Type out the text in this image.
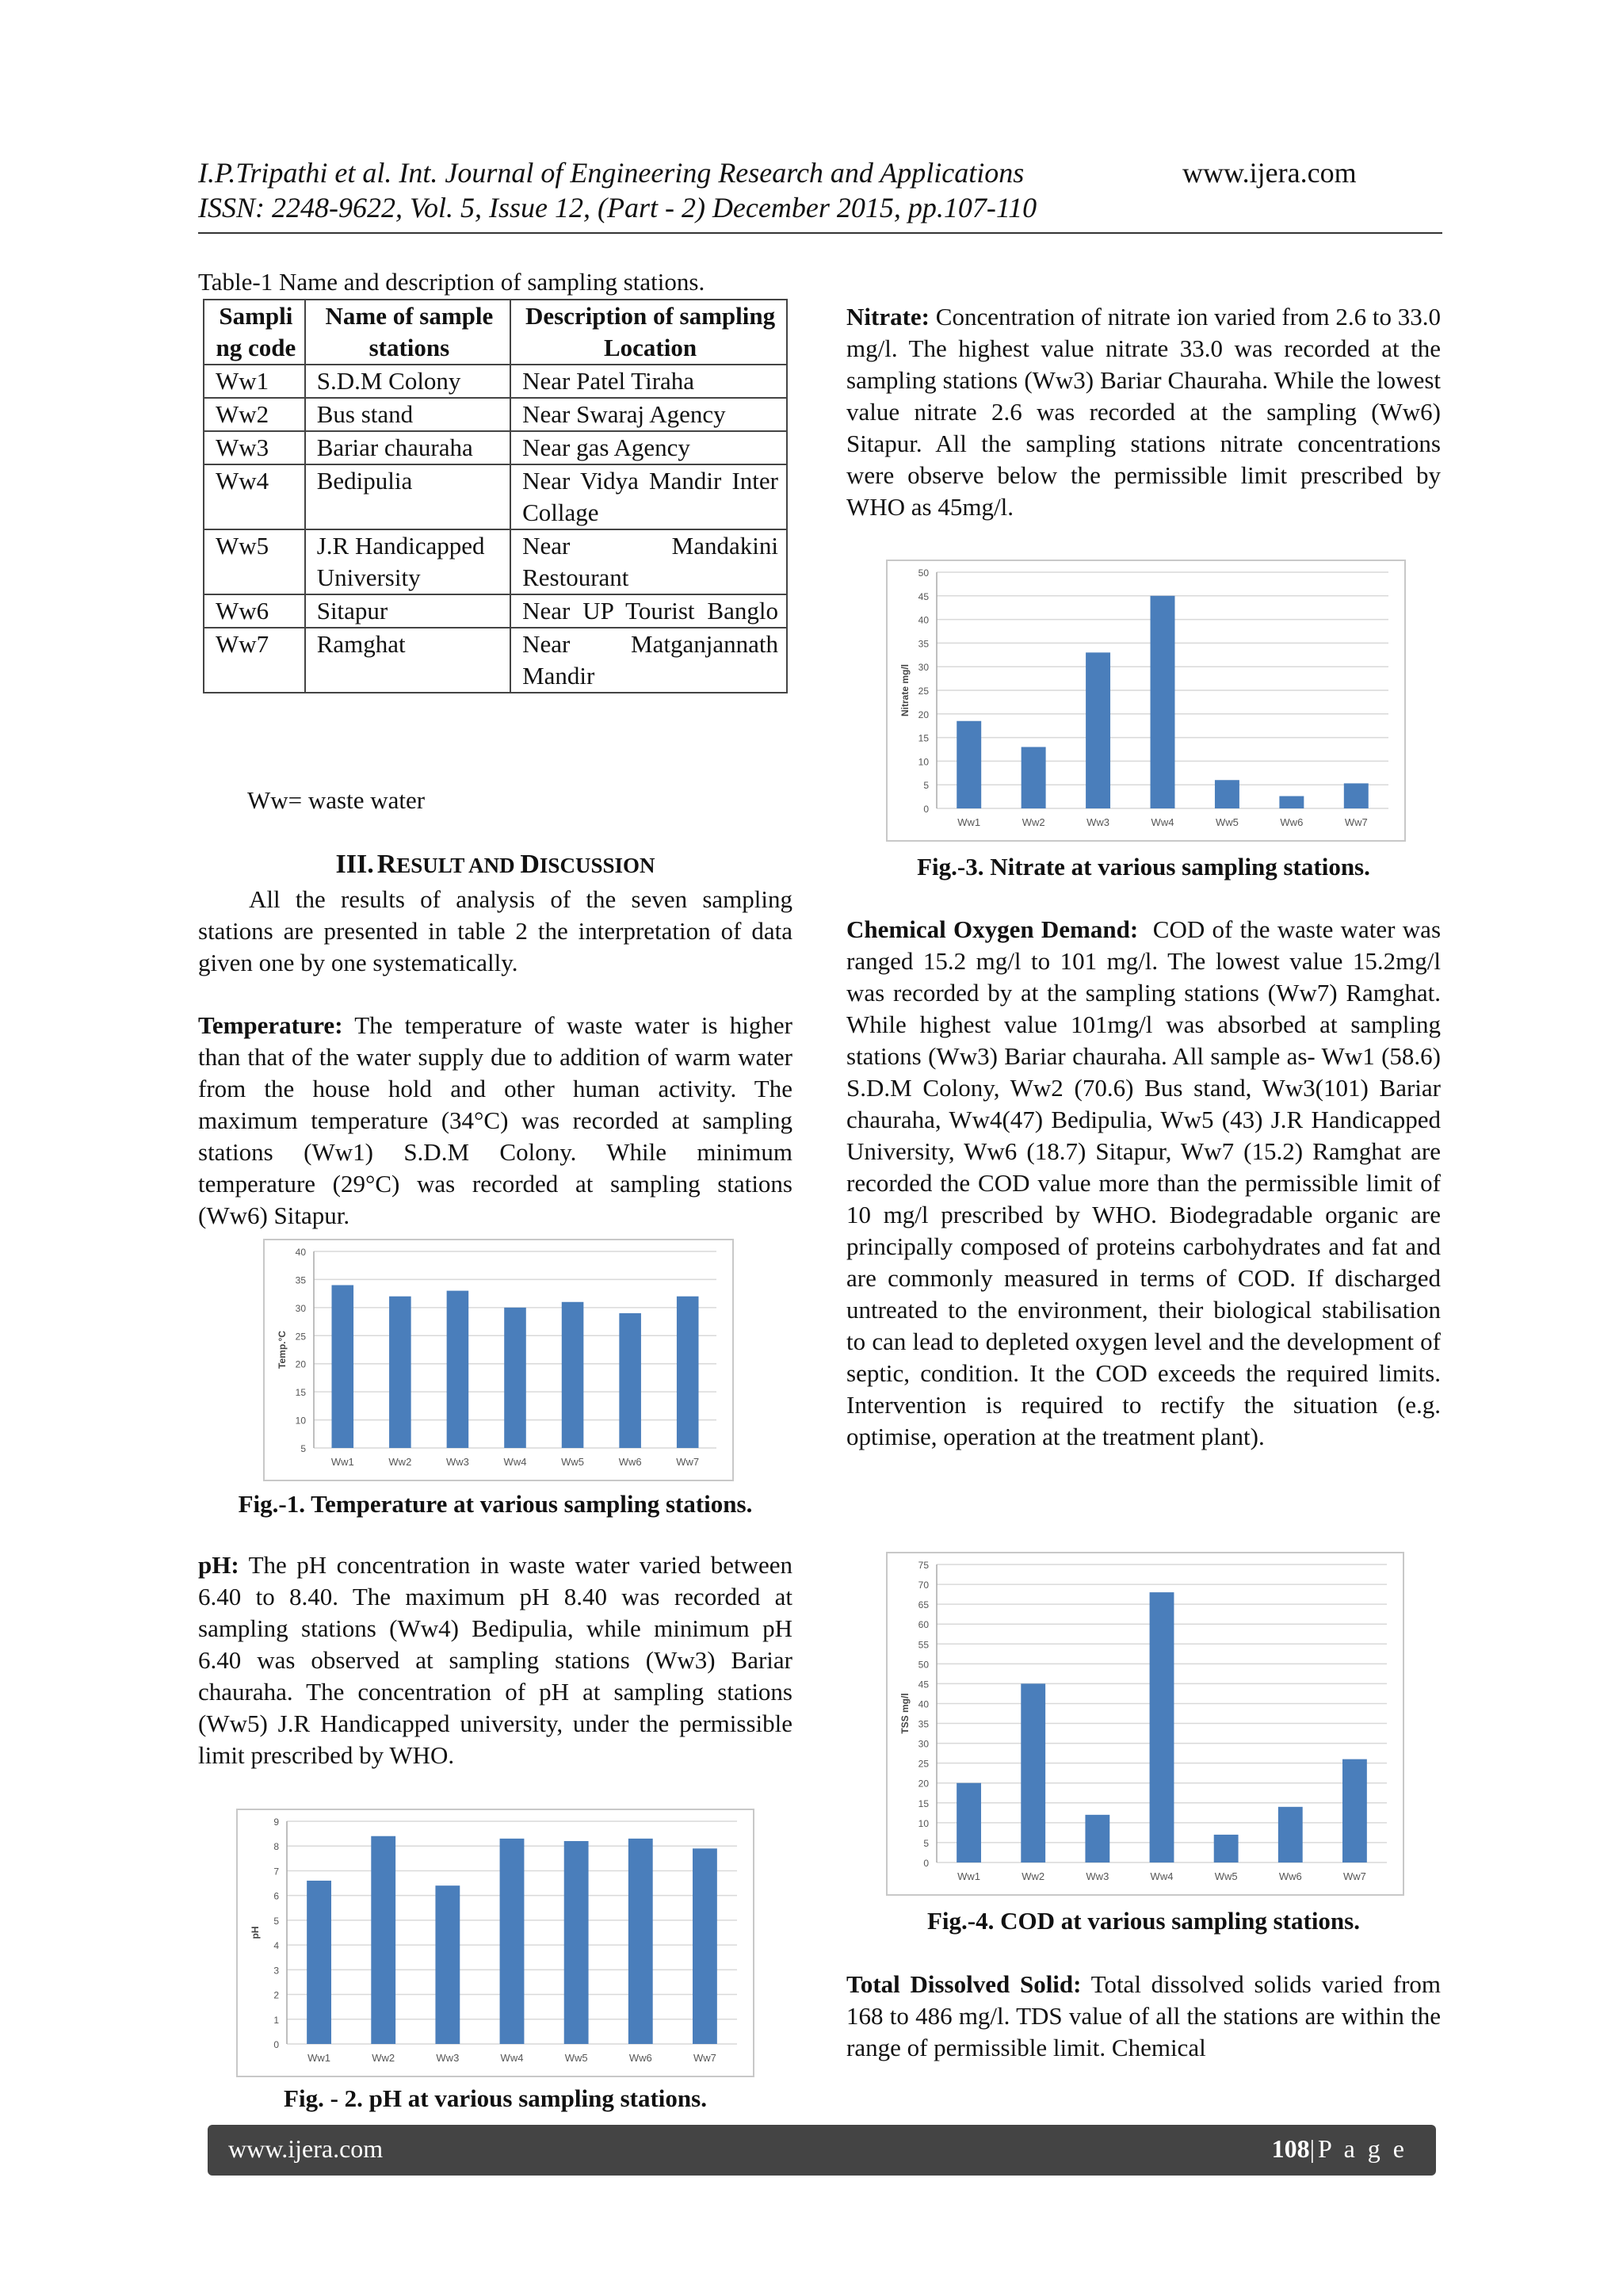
I.P.Tripathi et al. Int. Journal of Engineering Research and Applications	www.ijera.com
ISSN: 2248-9622, Vol. 5, Issue 12, (Part - 2) December 2015, pp.107-110
Table-1 Name and description of sampling stations.
Sampling code	Name of sample stations	Description of sampling Location
Ww1	S.D.M Colony	Near Patel Tiraha
Ww2	Bus stand	Near Swaraj Agency
Ww3	Bariar chauraha	Near gas Agency
Ww4	Bedipulia	Near Vidya Mandir Inter Collage
Ww5	J.R Handicapped University	Near Mandakini Restourant
Ww6	Sitapur	Near UP Tourist Banglo
Ww7	Ramghat	Near Matganjannath Mandir
Ww= waste water
III. RESULT AND DISCUSSION

All the results of analysis of the seven sampling stations are presented in table 2 the interpretation of data given one by one systematically.

Temperature: The temperature of waste water is higher than that of the water supply due to addition of warm water from the house hold and other human activity. The maximum temperature (34°C) was recorded at sampling stations (Ww1) S.D.M Colony. While minimum temperature (29°C) was recorded at sampling stations (Ww6) Sitapur.

5
10
15
20
25
30
35
40
Temp.°C
Ww1	Ww2	Ww3	Ww4	Ww5	Ww6	Ww7
Fig.-1. Temperature at various sampling stations.

pH: The pH concentration in waste water varied between 6.40 to 8.40. The maximum pH 8.40 was recorded at sampling stations (Ww4) Bedipulia, while minimum pH 6.40 was observed at sampling stations (Ww3) Bariar chauraha. The concentration of pH at sampling stations (Ww5) J.R Handicapped university, under the permissible limit prescribed by WHO.

0
1
2
3
4
5
6
7
8
9
pH
Ww1	Ww2	Ww3	Ww4	Ww5	Ww6	Ww7
Fig. - 2. pH at various sampling stations.

Nitrate: Concentration of nitrate ion varied from 2.6 to 33.0 mg/l. The highest value nitrate 33.0 was recorded at the sampling stations (Ww3) Bariar Chauraha. While the lowest value nitrate 2.6 was recorded at the sampling (Ww6) Sitapur. All the sampling stations nitrate concentrations were observe below the permissible limit prescribed by WHO as 45mg/l.

0
5
10
15
20
25
30
35
40
45
50
Nitrate mg/l
Ww1	Ww2	Ww3	Ww4	Ww5	Ww6	Ww7
Fig.-3. Nitrate at various sampling stations.

Chemical Oxygen Demand: COD of the waste water was ranged 15.2 mg/l to 101 mg/l. The lowest value 15.2mg/l was recorded by at the sampling stations (Ww7) Ramghat. While highest value 101mg/l was absorbed at sampling stations (Ww3) Bariar chauraha. All sample as- Ww1 (58.6) S.D.M Colony, Ww2 (70.6) Bus stand, Ww3(101) Bariar chauraha, Ww4(47) Bedipulia, Ww5 (43) J.R Handicapped University, Ww6 (18.7) Sitapur, Ww7 (15.2) Ramghat are recorded the COD value more than the permissible limit of 10 mg/l prescribed by WHO. Biodegradable organic are principally composed of proteins carbohydrates and fat and are commonly measured in terms of COD. If discharged untreated to the environment, their biological stabilisation to can lead to depleted oxygen level and the development of septic, condition. It the COD exceeds the required limits. Intervention is required to rectify the situation (e.g. optimise, operation at the treatment plant).

0
5
10
15
20
25
30
35
40
45
50
55
60
65
70
75
TSS mg/l
Ww1	Ww2	Ww3	Ww4	Ww5	Ww6	Ww7
Fig.-4. COD at various sampling stations.

Total Dissolved Solid: Total dissolved solids varied from 168 to 486 mg/l. TDS value of all the stations are within the range of permissible limit. Chemical

www.ijera.com	108|P a g e
